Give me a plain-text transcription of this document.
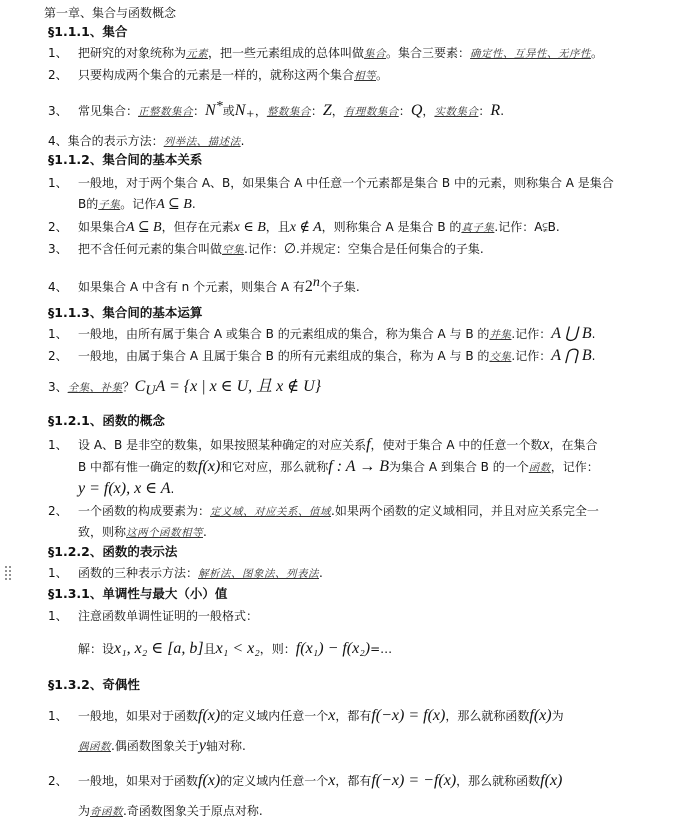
第一章、集合与函数概念
§1.1.1、集合
1、 把研究的对象统称为元素，把一些元素组成的总体叫做集合。集合三要素：确定性、互异性、无序性。
2、 只要构成两个集合的元素是一样的，就称这两个集合相等。
3、 常见集合：正整数集合：N*或$N_+$，整数集合：Z，有理数集合：Q，实数集合：R.
4、集合的表示方法：列举法、描述法.
§1.1.2、集合间的基本关系
1、 一般地，对于两个集合 A、B，如果集合 A 中任意一个元素都是集合 B 中的元素，则称集合 A 是集合
B的子集。记作A ⊆ B.
2、 如果集合A ⊆ B，但存在元素x ∈ B，且x ∉ A，则称集合 A 是集合 B 的真子集.记作：A⫋B.
3、 把不含任何元素的集合叫做空集.记作：∅.并规定：空集合是任何集合的子集.
4、 如果集合 A 中含有 n 个元素，则集合 A 有2$^n$个子集.
§1.1.3、集合间的基本运算
1、 一般地，由所有属于集合 A 或集合 B 的元素组成的集合，称为集合 A 与 B 的并集.记作：A ⋃ B.
2、 一般地，由属于集合 A 且属于集合 B 的所有元素组成的集合，称为 A 与 B 的交集.记作：A ⋂ B.
3、全集、补集？$C_UA = \{x$ | x ∈ U, 且 x ∉ U}
§1.2.1、函数的概念
1、 设 A、B 是非空的数集，如果按照某种确定的对应关系f，使对于集合 A 中的任意一个数x，在集合
B 中都有惟一确定的数f(x)和它对应，那么就称f : A → B为集合 A 到集合 B 的一个函数，记作：
y = f(x), x ∈ A.
2、 一个函数的构成要素为：定义域、对应关系、值域.如果两个函数的定义域相同，并且对应关系完全一
致，则称这两个函数相等.
§1.2.2、函数的表示法
1、 函数的三种表示方法：解析法、图象法、列表法.
§1.3.1、单调性与最大（小）值
1、 注意函数单调性证明的一般格式：
解：设x₁, x₂ ∈ [a, b]且x₁ < x₂，则：f(x₁) − f(x₂)=…
§1.3.2、奇偶性
1、 一般地，如果对于函数f(x)的定义域内任意一个x，都有f(−x) = f(x)，那么就称函数f(x)为
偶函数.偶函数图象关于y轴对称.
2、 一般地，如果对于函数f(x)的定义域内任意一个x，都有f(−x) = −f(x)，那么就称函数f(x)
为奇函数.奇函数图象关于原点对称.
